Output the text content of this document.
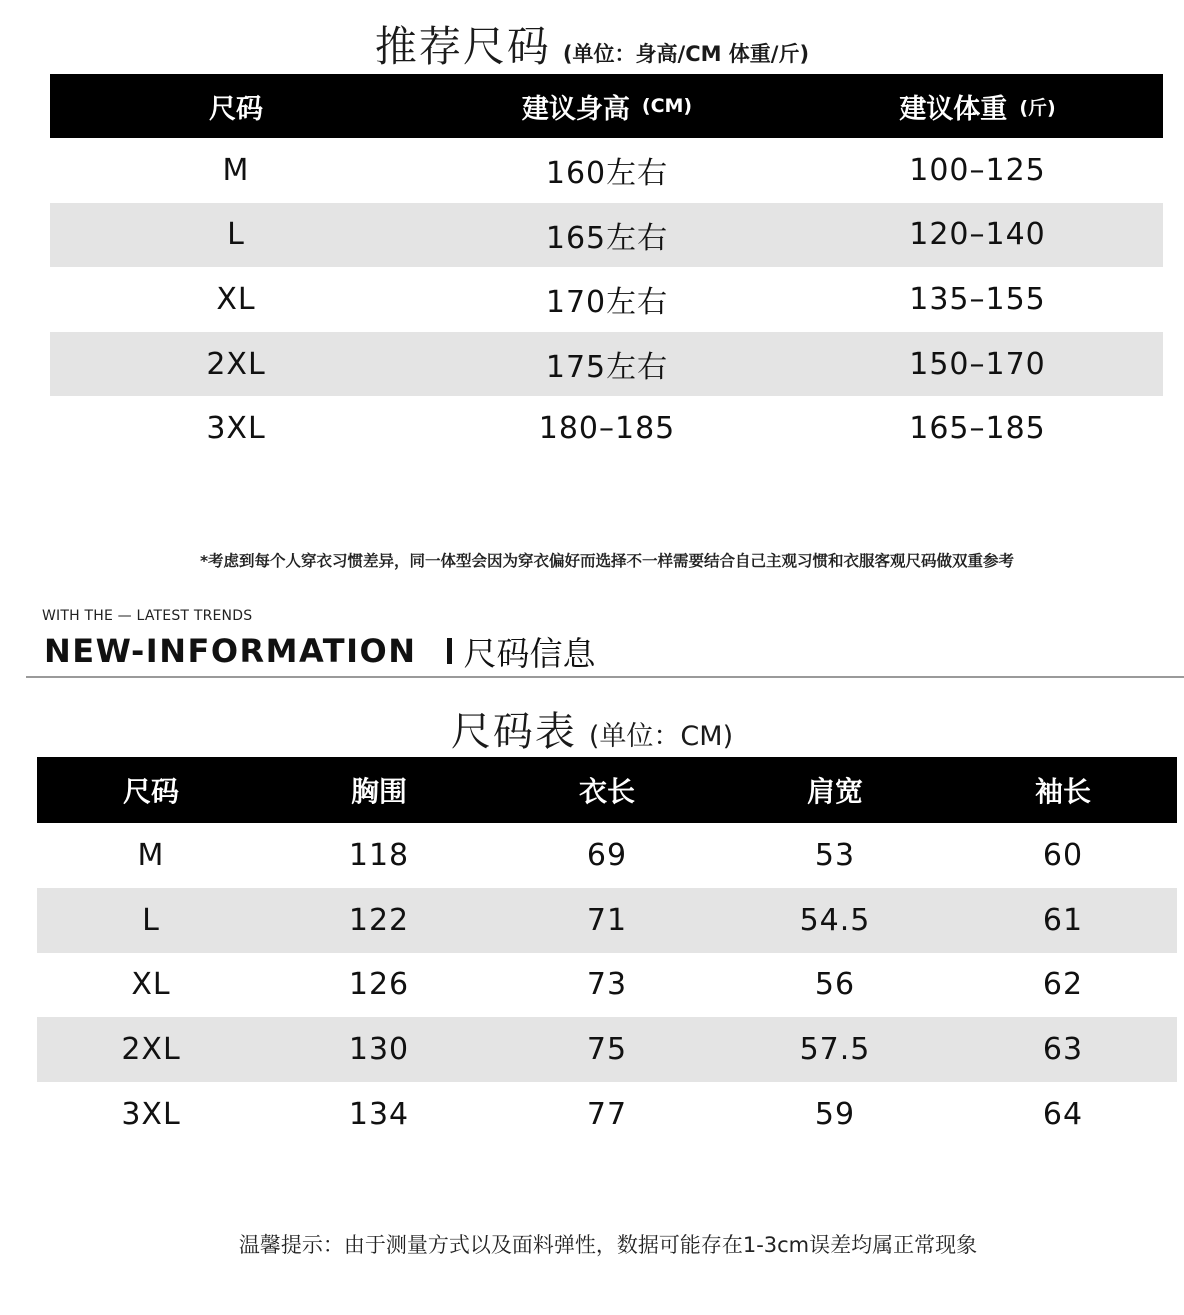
推荐尺码 (单位：身高/CM 体重/斤)
尺码	建议身高 (CM)	建议体重 (斤)
M	160左右	100–125
L	165左右	120–140
XL	170左右	135–155
2XL	175左右	150–170
3XL	180–185	165–185
*考虑到每个人穿衣习惯差异，同一体型会因为穿衣偏好而选择不一样需要结合自己主观习惯和衣服客观尺码做双重参考
WITH THE — LATEST TRENDS
NEW-INFORMATION 尺码信息
尺码表 (单位：CM)
尺码	胸围	衣长	肩宽	袖长
M	118	69	53	60
L	122	71	54.5	61
XL	126	73	56	62
2XL	130	75	57.5	63
3XL	134	77	59	64
温馨提示：由于测量方式以及面料弹性，数据可能存在1-3cm误差均属正常现象
